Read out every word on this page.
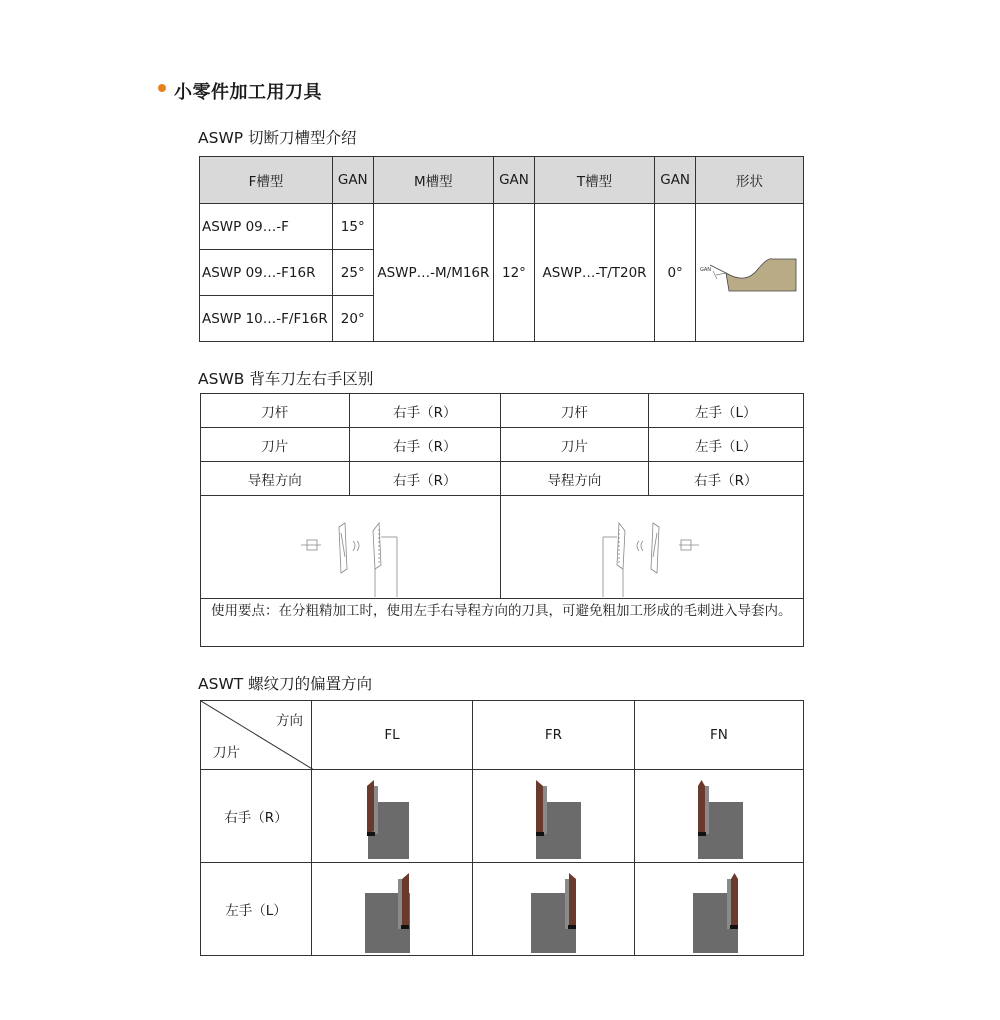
小零件加工用刀具
ASWP 切断刀槽型介绍
F槽型	GAN	M槽型	GAN	T槽型	GAN	形状
ASWP 09…-F	15°	ASWP…-M/M16R	12°	ASWP…-T/T20R	0°	GAN

ASWP 09…-F16R	25°					
ASWP 10…-F/F16R	20°					
ASWB 背车刀左右手区别
刀杆	右手（R）	刀杆	左手（L）
刀片	右手（R）	刀片	左手（L）
导程方向	右手（R）	导程方向	右手（R）

使用要点：在分粗精加工时，使用左手右导程方向的刀具，可避免粗加工形成的毛刺进入导套内。			
ASWT 螺纹刀的偏置方向
方向
刀片	FL	FR	FN
右手（R）	

左手（L）	
